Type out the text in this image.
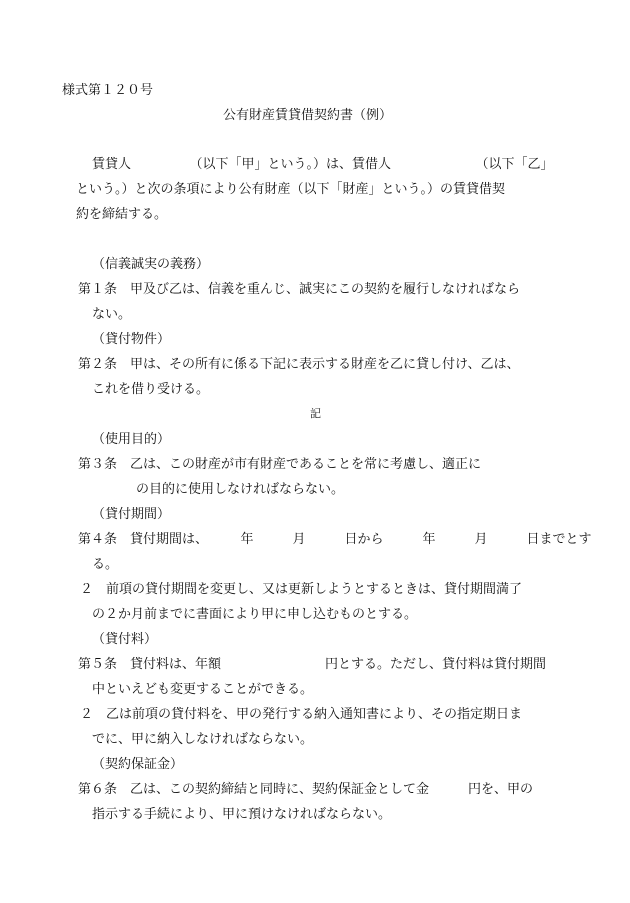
様式第１２０号
公有財産賃貸借契約書（例）
賃貸人　　　　　（以下「甲」という。）は、賃借人　　　　　　　（以下「乙」
という。）と次の条項により公有財産（以下「財産」という。）の賃貸借契
約を締結する。
（信義誠実の義務）
第１条　甲及び乙は、信義を重んじ、誠実にこの契約を履行しなければなら
ない。
（貸付物件）
第２条　甲は、その所有に係る下記に表示する財産を乙に貸し付け、乙は、
これを借り受ける。
記
（使用目的）
第３条　乙は、この財産が市有財産であることを常に考慮し、適正に
の目的に使用しなければならない。
（貸付期間）
第４条　貸付期間は、　　　年　　　月　　　日から　　　年　　　月　　　日までとす
る。
２　前項の貸付期間を変更し、又は更新しようとするときは、貸付期間満了
の２か月前までに書面により甲に申し込むものとする。
（貸付料）
第５条　貸付料は、年額　　　　　　　　円とする。ただし、貸付料は貸付期間
中といえども変更することができる。
２　乙は前項の貸付料を、甲の発行する納入通知書により、その指定期日ま
でに、甲に納入しなければならない。
（契約保証金）
第６条　乙は、この契約締結と同時に、契約保証金として金　　　円を、甲の
指示する手続により、甲に預けなければならない。
